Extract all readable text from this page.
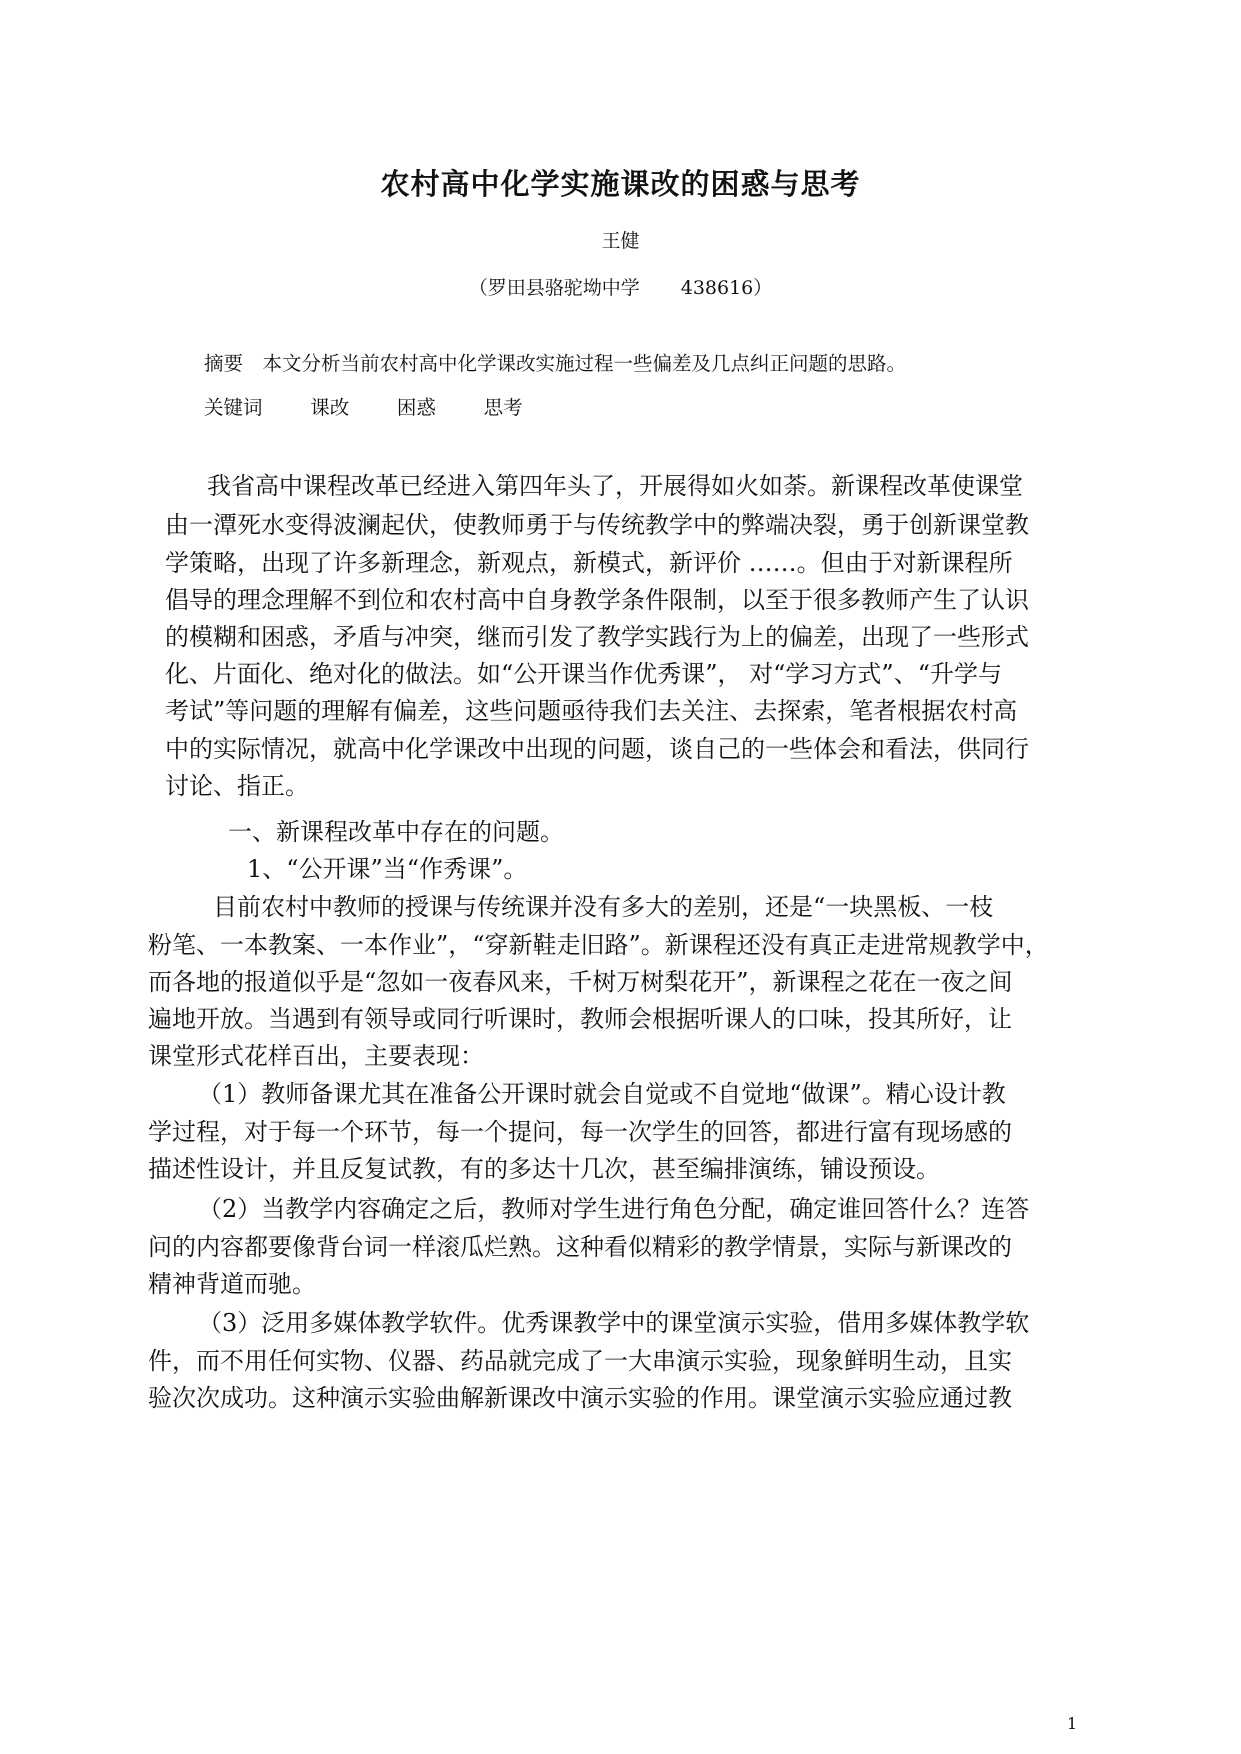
农村高中化学实施课改的困惑与思考
王健
（罗田县骆驼坳中学　 438616）
摘要　本文分析当前农村高中化学课改实施过程一些偏差及几点纠正问题的思路。
关键词　 课改　 困惑　 思考
我省高中课程改革已经进入第四年头了，开展得如火如荼。新课程改革使课堂
由一潭死水变得波澜起伏，使教师勇于与传统教学中的弊端决裂，勇于创新课堂教
学策略，出现了许多新理念，新观点，新模式，新评价 ……。但由于对新课程所
倡导的理念理解不到位和农村高中自身教学条件限制，以至于很多教师产生了认识
的模糊和困惑，矛盾与冲突，继而引发了教学实践行为上的偏差，出现了一些形式
化、片面化、绝对化的做法。如“公开课当作优秀课”， 对“学习方式”、“升学与
考试”等问题的理解有偏差，这些问题亟待我们去关注、去探索，笔者根据农村高
中的实际情况，就高中化学课改中出现的问题，谈自己的一些体会和看法，供同行
讨论、指正。
一、新课程改革中存在的问题。
1、“公开课”当“作秀课”。
目前农村中教师的授课与传统课并没有多大的差别，还是“一块黑板、一枝
粉笔、一本教案、一本作业”，“穿新鞋走旧路”。新课程还没有真正走进常规教学中，
而各地的报道似乎是“忽如一夜春风来，千树万树梨花开”，新课程之花在一夜之间
遍地开放。当遇到有领导或同行听课时，教师会根据听课人的口味，投其所好，让
课堂形式花样百出，主要表现：
（1）教师备课尤其在准备公开课时就会自觉或不自觉地“做课”。精心设计教
学过程，对于每一个环节，每一个提问，每一次学生的回答，都进行富有现场感的
描述性设计，并且反复试教，有的多达十几次，甚至编排演练，铺设预设。
（2）当教学内容确定之后，教师对学生进行角色分配，确定谁回答什么？连答
问的内容都要像背台词一样滚瓜烂熟。这种看似精彩的教学情景，实际与新课改的
精神背道而驰。
（3）泛用多媒体教学软件。优秀课教学中的课堂演示实验，借用多媒体教学软
件，而不用任何实物、仪器、药品就完成了一大串演示实验，现象鲜明生动，且实
验次次成功。这种演示实验曲解新课改中演示实验的作用。课堂演示实验应通过教
1
